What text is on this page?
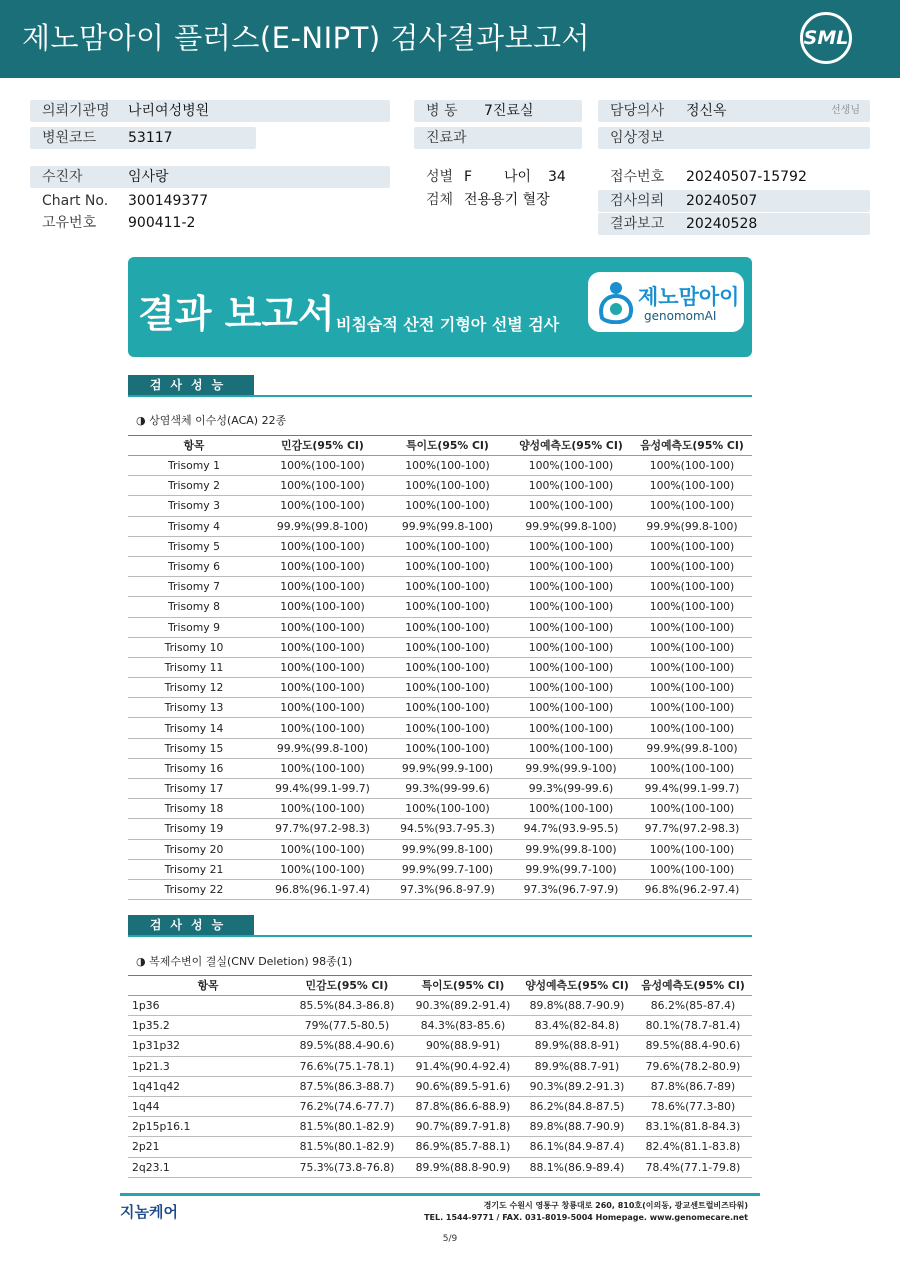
제노맘아이 플러스(E-NIPT) 검사결과보고서	SML
의뢰기관명 나리여성병원
병원코드 53117
병 동 7진료실
진료과
담당의사 정신옥	선생님
임상정보
수진자	임사랑
Chart No. 300149377
고유번호 900411-2
성별 F 나이 34
검체 전용용기 혈장
접수번호 20240507-15792
검사의뢰 20240507
결과보고 20240528
결과 보고서 비침습적 산전 기형아 선별 검사
제노맘아이
genomomAI
검사성능
◑ 상염색체 이수성(ACA) 22종
항목	민감도(95% CI)	특이도(95% CI)	양성예측도(95% CI)	음성예측도(95% CI)
Trisomy 1	100%(100-100)	100%(100-100)	100%(100-100)	100%(100-100)
Trisomy 2	100%(100-100)	100%(100-100)	100%(100-100)	100%(100-100)
Trisomy 3	100%(100-100)	100%(100-100)	100%(100-100)	100%(100-100)
Trisomy 4	99.9%(99.8-100)	99.9%(99.8-100)	99.9%(99.8-100)	99.9%(99.8-100)
Trisomy 5	100%(100-100)	100%(100-100)	100%(100-100)	100%(100-100)
Trisomy 6	100%(100-100)	100%(100-100)	100%(100-100)	100%(100-100)
Trisomy 7	100%(100-100)	100%(100-100)	100%(100-100)	100%(100-100)
Trisomy 8	100%(100-100)	100%(100-100)	100%(100-100)	100%(100-100)
Trisomy 9	100%(100-100)	100%(100-100)	100%(100-100)	100%(100-100)
Trisomy 10	100%(100-100)	100%(100-100)	100%(100-100)	100%(100-100)
Trisomy 11	100%(100-100)	100%(100-100)	100%(100-100)	100%(100-100)
Trisomy 12	100%(100-100)	100%(100-100)	100%(100-100)	100%(100-100)
Trisomy 13	100%(100-100)	100%(100-100)	100%(100-100)	100%(100-100)
Trisomy 14	100%(100-100)	100%(100-100)	100%(100-100)	100%(100-100)
Trisomy 15	99.9%(99.8-100)	100%(100-100)	100%(100-100)	99.9%(99.8-100)
Trisomy 16	100%(100-100)	99.9%(99.9-100)	99.9%(99.9-100)	100%(100-100)
Trisomy 17	99.4%(99.1-99.7)	99.3%(99-99.6)	99.3%(99-99.6)	99.4%(99.1-99.7)
Trisomy 18	100%(100-100)	100%(100-100)	100%(100-100)	100%(100-100)
Trisomy 19	97.7%(97.2-98.3)	94.5%(93.7-95.3)	94.7%(93.9-95.5)	97.7%(97.2-98.3)
Trisomy 20	100%(100-100)	99.9%(99.8-100)	99.9%(99.8-100)	100%(100-100)
Trisomy 21	100%(100-100)	99.9%(99.7-100)	99.9%(99.7-100)	100%(100-100)
Trisomy 22	96.8%(96.1-97.4)	97.3%(96.8-97.9)	97.3%(96.7-97.9)	96.8%(96.2-97.4)
검사성능
◑ 복제수변이 결실(CNV Deletion) 98종(1)
항목	민감도(95% CI)	특이도(95% CI)	양성예측도(95% CI)	음성예측도(95% CI)
1p36	85.5%(84.3-86.8)	90.3%(89.2-91.4)	89.8%(88.7-90.9)	86.2%(85-87.4)
1p35.2	79%(77.5-80.5)	84.3%(83-85.6)	83.4%(82-84.8)	80.1%(78.7-81.4)
1p31p32	89.5%(88.4-90.6)	90%(88.9-91)	89.9%(88.8-91)	89.5%(88.4-90.6)
1p21.3	76.6%(75.1-78.1)	91.4%(90.4-92.4)	89.9%(88.7-91)	79.6%(78.2-80.9)
1q41q42	87.5%(86.3-88.7)	90.6%(89.5-91.6)	90.3%(89.2-91.3)	87.8%(86.7-89)
1q44	76.2%(74.6-77.7)	87.8%(86.6-88.9)	86.2%(84.8-87.5)	78.6%(77.3-80)
2p15p16.1	81.5%(80.1-82.9)	90.7%(89.7-91.8)	89.8%(88.7-90.9)	83.1%(81.8-84.3)
2p21	81.5%(80.1-82.9)	86.9%(85.7-88.1)	86.1%(84.9-87.4)	82.4%(81.1-83.8)
2q23.1	75.3%(73.8-76.8)	89.9%(88.8-90.9)	88.1%(86.9-89.4)	78.4%(77.1-79.8)
지놈케어	경기도 수원시 영통구 창룡대로 260, 810호(이의동, 광교센트럴비즈타워)
TEL. 1544-9771 / FAX. 031-8019-5004 Homepage. www.genomecare.net
5/9
